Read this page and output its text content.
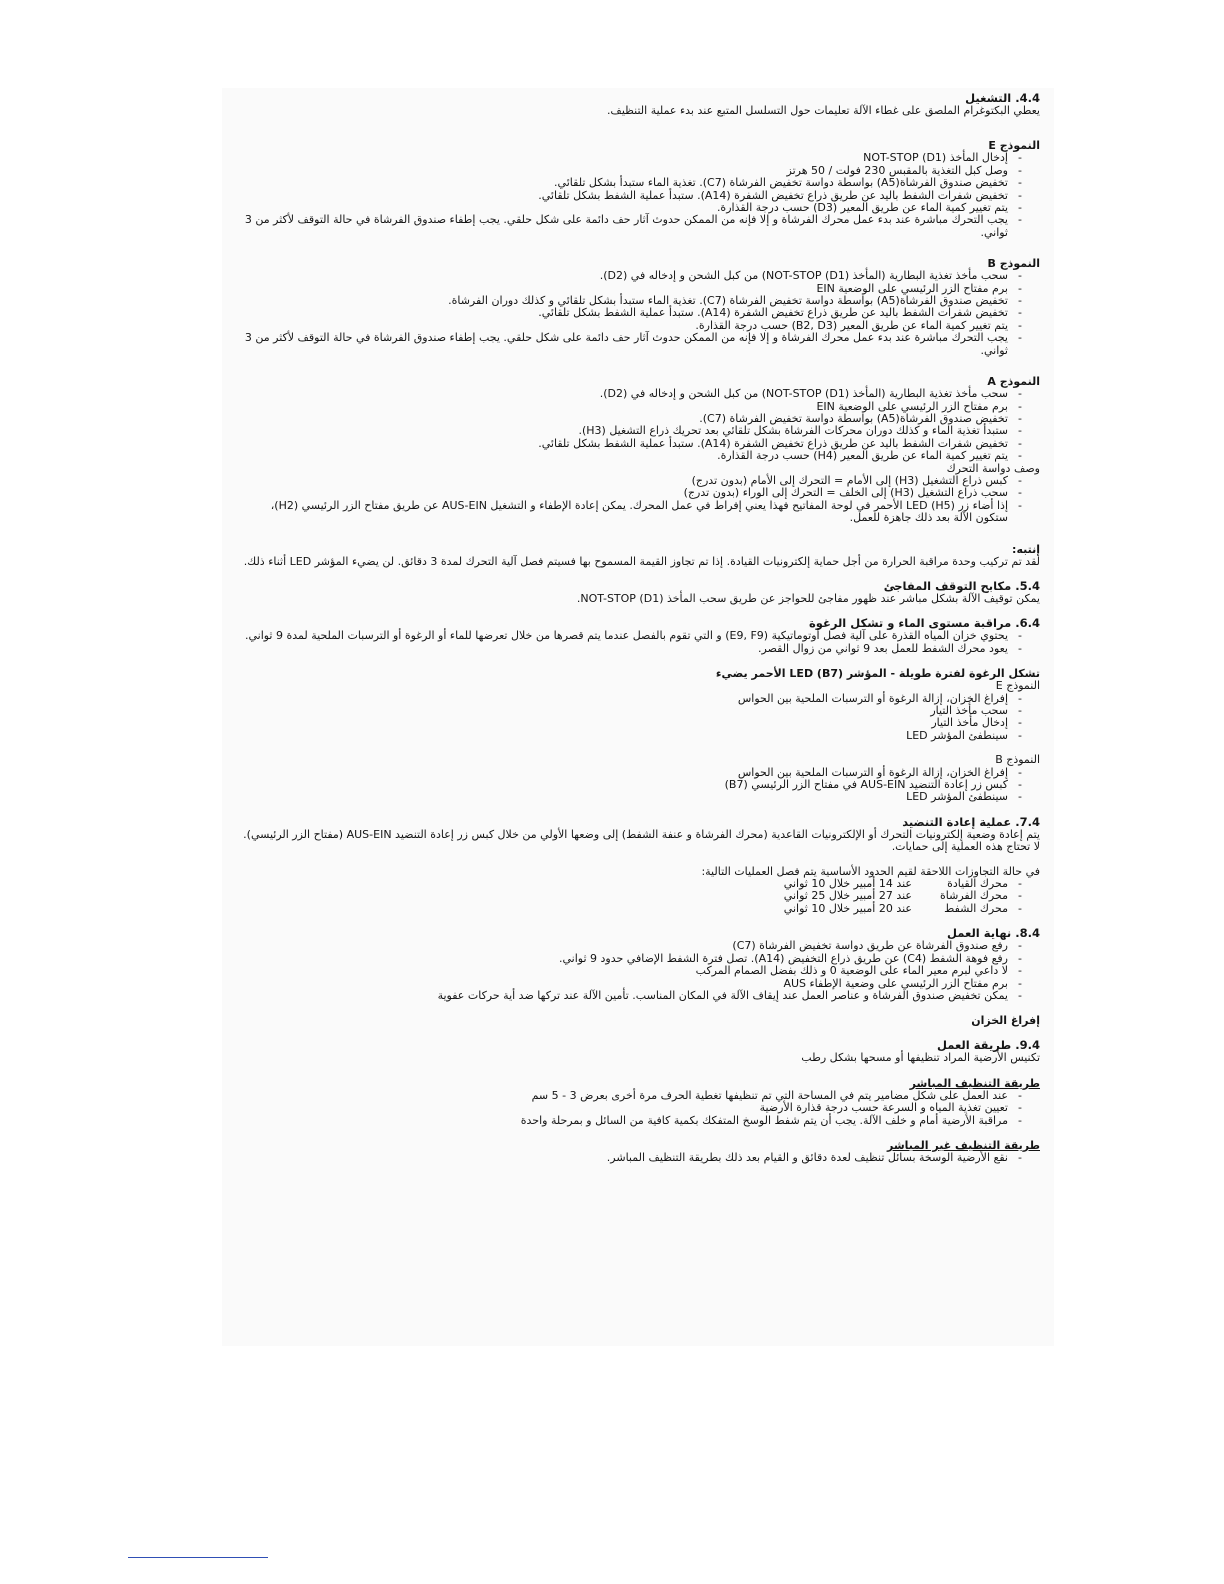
4.4. التشغيل

يعطي البكتوغرام الملصق على غطاء الآلة تعليمات حول التسلسل المتبع عند بدء عملية التنظيف.

النموذج E

- إدخال المأخذ NOT-STOP (D1)
- وصل كبل التغذية بالمقبس 230 فولت / 50 هرتز
- تخفيض صندوق الفرشاة(A5) بواسطة دواسة تخفيض الفرشاة (C7). تغذية الماء ستبدأ بشكل تلقائي.
- تخفيض شفرات الشفط باليد عن طريق ذراع تخفيض الشفرة (A14). ستبدأ عملية الشفط بشكل تلقائي.
- يتم تغيير كمية الماء عن طريق المعير (D3) حسب درجة القذارة.
- يجب التحرك مباشرة عند بدء عمل محرك الفرشاة و إلا فإنه من الممكن حدوث آثار حف دائمة على شكل حلقي. يجب إطفاء صندوق الفرشاة في حالة التوقف لأكثر من 3 ثواني.

النموذج B

- سحب مأخذ تغذية البطارية (المأخذ NOT-STOP (D1)) من كبل الشحن و إدخاله في (D2).
- برم مفتاح الزر الرئيسي على الوضعية EIN
- تخفيض صندوق الفرشاة(A5) بواسطة دواسة تخفيض الفرشاة (C7). تغذية الماء ستبدأ بشكل تلقائي و كذلك دوران الفرشاة.
- تخفيض شفرات الشفط باليد عن طريق ذراع تخفيض الشفرة (A14). ستبدأ عملية الشفط بشكل تلقائي.
- يتم تغيير كمية الماء عن طريق المعير (B2, D3) حسب درجة القذارة.
- يجب التحرك مباشرة عند بدء عمل محرك الفرشاة و إلا فإنه من الممكن حدوث آثار حف دائمة على شكل حلقي. يجب إطفاء صندوق الفرشاة في حالة التوقف لأكثر من 3 ثواني.

النموذج A

- سحب مأخذ تغذية البطارية (المأخذ NOT-STOP (D1)) من كبل الشحن و إدخاله في (D2).
- برم مفتاح الزر الرئيسي على الوضعية EIN
- تخفيض صندوق الفرشاة(A5) بواسطة دواسة تخفيض الفرشاة (C7).
- ستبدأ تغذية الماء و كذلك دوران محركات الفرشاة بشكل تلقائي بعد تحريك ذراع التشغيل (H3).
- تخفيض شفرات الشفط باليد عن طريق ذراع تخفيض الشفرة (A14). ستبدأ عملية الشفط بشكل تلقائي.
- يتم تغيير كمية الماء عن طريق المعير (H4) حسب درجة القذارة.

وصف دواسة التحرك

- كبس ذراع التشغيل (H3) إلى الأمام = التحرك إلى الأمام (بدون تدرج)
- سحب ذراع التشغيل (H3) إلى الخلف = التحرك إلى الوراء (بدون تدرج)
- إذا أضاء زر LED (H5) الأحمر في لوحة المفاتيح فهذا يعني إفراط في عمل المحرك. يمكن إعادة الإطفاء و التشغيل AUS-EIN عن طريق مفتاح الزر الرئيسي (H2)، ستكون الآلة بعد ذلك جاهزة للعمل.

إنتبه:

لقد تم تركيب وحدة مراقبة الحرارة من أجل حماية إلكترونيات القيادة. إذا تم تجاوز القيمة المسموح بها فسيتم فصل آلية التحرك لمدة 3 دقائق. لن يضيء المؤشر LED أثناء ذلك.

5.4. مكابح التوقف المفاجئ

يمكن توقيف الآلة بشكل مباشر عند ظهور مفاجئ للحواجز عن طريق سحب المأخذ NOT-STOP (D1).

6.4. مراقبة مستوى الماء و تشكل الرغوة

- يحتوي خزان المياه القذرة على آلية فصل أوتوماتيكية (E9, F9) و التي تقوم بالفصل عندما يتم قصرها من خلال تعرضها للماء أو الرغوة أو الترسبات الملحية لمدة 9 ثواني.
- يعود محرك الشفط للعمل بعد 9 ثواني من زوال القصر.

تشكل الرغوة لفترة طويلة - المؤشر (B7) LED الأحمر يضيء

النموذج E

- إفراغ الخزان، إزالة الرغوة أو الترسبات الملحية بين الحواس
- سحب مأخذ التيار
- إدخال مأخذ التيار
- سينطفئ المؤشر LED

النموذج B

- إفراغ الخزان، إزالة الرغوة أو الترسبات الملحية بين الحواس
- كبس زر إعادة التنضيد AUS-EIN في مفتاح الزر الرئيسي (B7)
- سينطفئ المؤشر LED

7.4. عملية إعادة التنضيد

يتم إعادة وضعية إلكترونيات التحرك أو الإلكترونيات القاعدية (محرك الفرشاة و عنفة الشفط) إلى وضعها الأولي من خلال كبس زر إعادة التنضيد AUS-EIN (مفتاح الزر الرئيسي). لا تحتاج هذه العملية إلى حمايات.

في حالة التجاوزات اللاحقة لقيم الحدود الأساسية يتم فصل العمليات التالية:

- محرك القيادةعند 14 أمبير خلال 10 ثواني
- محرك الفرشاةعند 27 أمبير خلال 25 ثواني
- محرك الشفطعند 20 أمبير خلال 10 ثواني

8.4. نهاية العمل

- رفع صندوق الفرشاة عن طريق دواسة تخفيض الفرشاة (C7)
- رفع فوهة الشفط (C4) عن طريق ذراع التخفيض (A14). تصل فترة الشفط الإضافي حدود 9 ثواني.
- لا داعي لبرم معير الماء على الوضعية 0 و ذلك بفضل الصمام المركب
- برم مفتاح الزر الرئيسي على وضعية الإطفاء AUS
- يمكن تخفيض صندوق الفرشاة و عناصر العمل عند إيقاف الآلة في المكان المناسب. تأمين الآلة عند تركها ضد أية حركات عفوية

إفراغ الخزان

9.4. طريقة العمل

تكنيس الأرضية المراد تنظيفها أو مسحها بشكل رطب

طريقة التنظيف المباشر

- عند العمل على شكل مضامير يتم في المساحة التي تم تنظيفها تغطية الحرف مرة أخرى بعرض 3 - 5 سم
- تعيين تغذية المياه و السرعة حسب درجة قذارة الأرضية
- مراقبة الأرضية أمام و خلف الآلة. يجب أن يتم شفط الوسخ المتفكك بكمية كافية من السائل و بمرحلة واحدة

طريقة التنظيف غير المباشر

- نقع الأرضية الوسخة بسائل تنظيف لعدة دقائق و القيام بعد ذلك بطريقة التنظيف المباشر.
